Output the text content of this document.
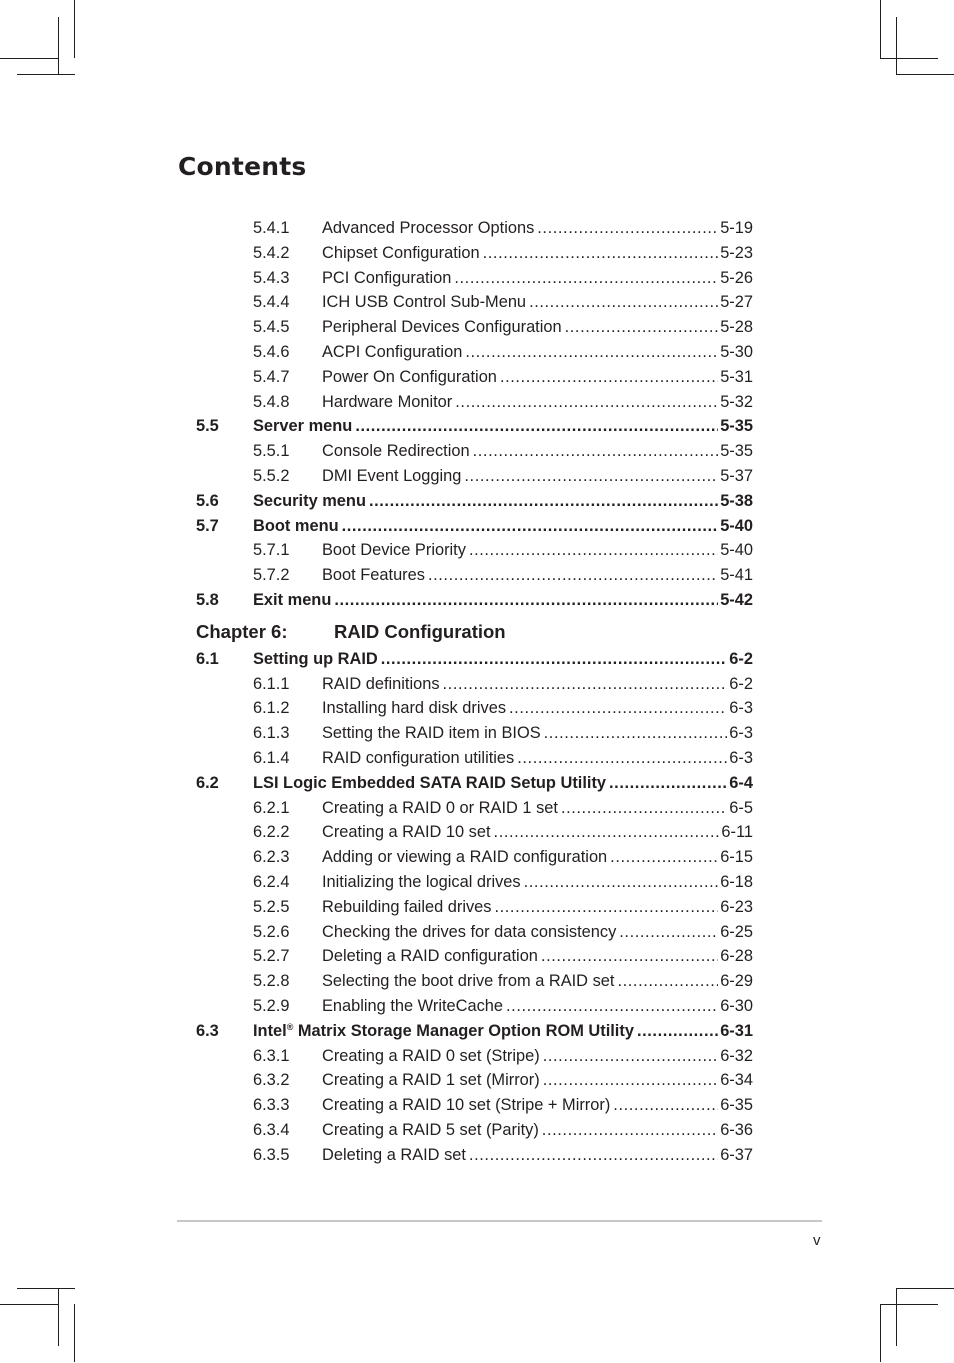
Contents
5.4.1 Advanced Processor Options .....	5-19
5.4.2 Chipset Configuration .....	5-23
5.4.3 PCI Configuration .....	5-26
5.4.4 ICH USB Control Sub-Menu .....	5-27
5.4.5 Peripheral Devices Configuration .....	5-28
5.4.6 ACPI Configuration .....	5-30
5.4.7 Power On Configuration .....	5-31
5.4.8 Hardware Monitor .....	5-32
5.5 Server menu .....	5-35
5.5.1 Console Redirection .....	5-35
5.5.2 DMI Event Logging .....	5-37
5.6 Security menu .....	5-38
5.7 Boot menu .....	5-40
5.7.1 Boot Device Priority .....	5-40
5.7.2 Boot Features .....	5-41
5.8 Exit menu .....	5-42
Chapter 6:	RAID Configuration
6.1 Setting up RAID .....	6-2
6.1.1 RAID definitions .....	6-2
6.1.2 Installing hard disk drives .....	6-3
6.1.3 Setting the RAID item in BIOS .....	6-3
6.1.4 RAID configuration utilities .....	6-3
6.2 LSI Logic Embedded SATA RAID Setup Utility .....	6-4
6.2.1 Creating a RAID 0 or RAID 1 set .....	6-5
6.2.2 Creating a RAID 10 set .....	6-11
6.2.3 Adding or viewing a RAID configuration .....	6-15
6.2.4 Initializing the logical drives .....	6-18
5.2.5 Rebuilding failed drives .....	6-23
5.2.6 Checking the drives for data consistency .....	6-25
5.2.7 Deleting a RAID configuration .....	6-28
5.2.8 Selecting the boot drive from a RAID set .....	6-29
5.2.9 Enabling the WriteCache .....	6-30
6.3 Intel® Matrix Storage Manager Option ROM Utility .....	6-31
6.3.1 Creating a RAID 0 set (Stripe) .....	6-32
6.3.2 Creating a RAID 1 set (Mirror) .....	6-34
6.3.3 Creating a RAID 10 set (Stripe + Mirror) .....	6-35
6.3.4 Creating a RAID 5 set (Parity) .....	6-36
6.3.5 Deleting a RAID set .....	6-37
v
